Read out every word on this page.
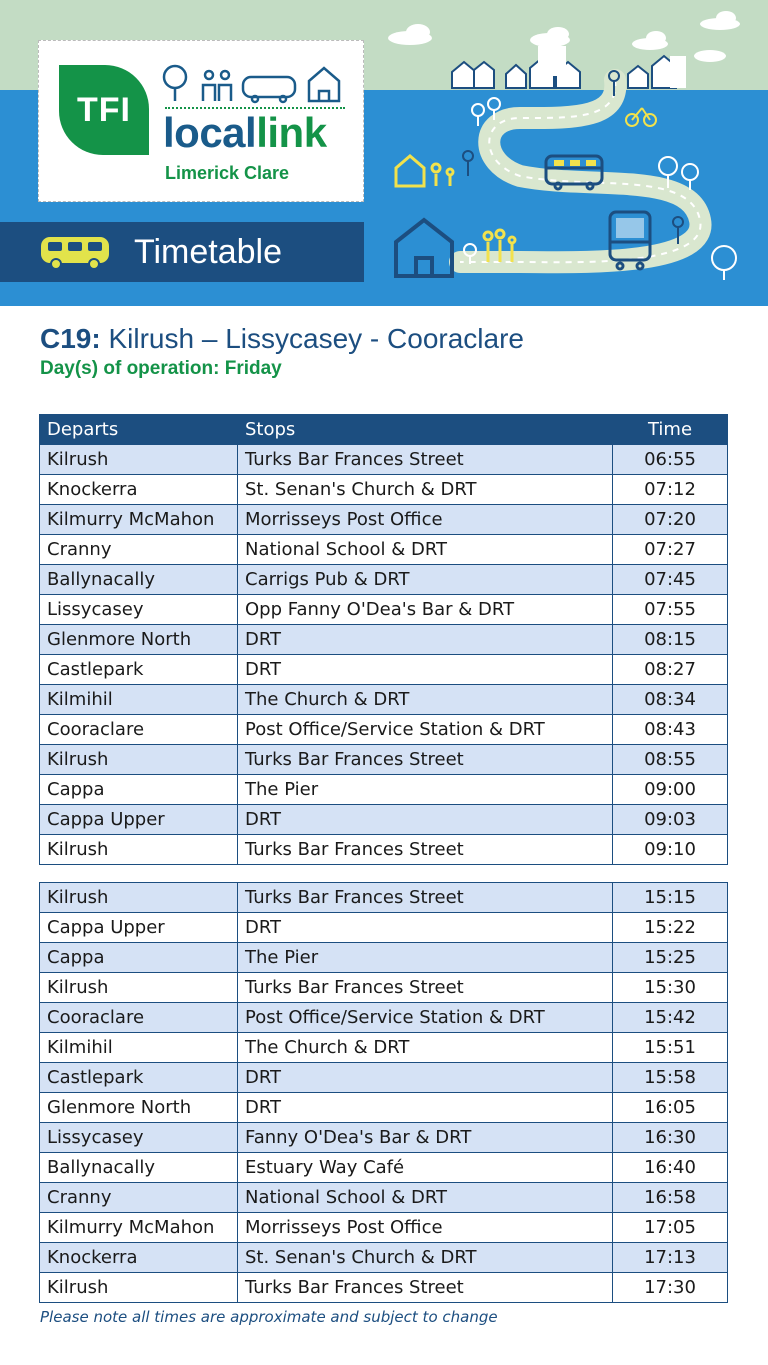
TFI locallink
Limerick Clare
Timetable
C19: Kilrush – Lissycasey - Cooraclare
Day(s) of operation: Friday
Departs	Stops	Time
Kilrush	Turks Bar Frances Street	06:55
Knockerra	St. Senan's Church & DRT	07:12
Kilmurry McMahon	Morrisseys Post Office	07:20
Cranny	National School & DRT	07:27
Ballynacally	Carrigs Pub & DRT	07:45
Lissycasey	Opp Fanny O'Dea's Bar & DRT	07:55
Glenmore North	DRT	08:15
Castlepark	DRT	08:27
Kilmihil	The Church & DRT	08:34
Cooraclare	Post Office/Service Station & DRT	08:43
Kilrush	Turks Bar Frances Street	08:55
Cappa	The Pier	09:00
Cappa Upper	DRT	09:03
Kilrush	Turks Bar Frances Street	09:10
Kilrush	Turks Bar Frances Street	15:15
Cappa Upper	DRT	15:22
Cappa	The Pier	15:25
Kilrush	Turks Bar Frances Street	15:30
Cooraclare	Post Office/Service Station & DRT	15:42
Kilmihil	The Church & DRT	15:51
Castlepark	DRT	15:58
Glenmore North	DRT	16:05
Lissycasey	Fanny O'Dea's Bar & DRT	16:30
Ballynacally	Estuary Way Café	16:40
Cranny	National School & DRT	16:58
Kilmurry McMahon	Morrisseys Post Office	17:05
Knockerra	St. Senan's Church & DRT	17:13
Kilrush	Turks Bar Frances Street	17:30
Please note all times are approximate and subject to change
